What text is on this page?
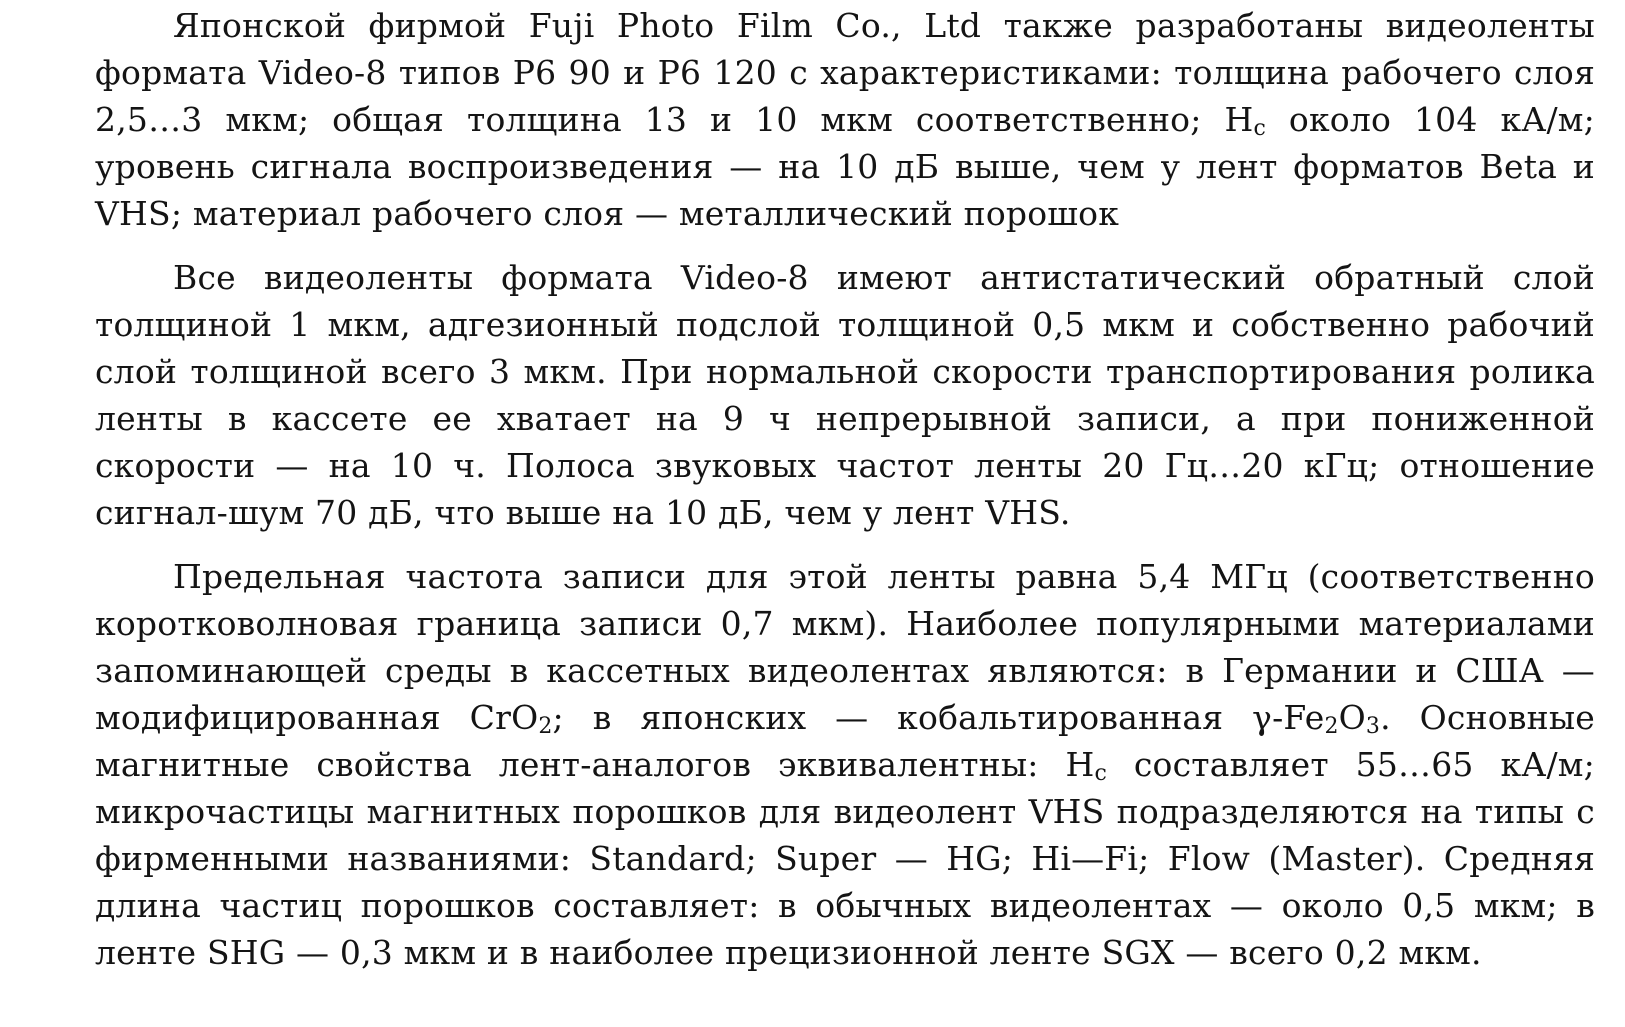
Японской фирмой Fuji Photo Film Co., Ltd также разработаны видеоленты формата Video-8 типов P6 90 и P6 120 с характеристиками: толщина рабочего слоя 2,5…3 мкм; общая толщина 13 и 10 мкм соответственно; $H_c$ около 104 кА/м; уровень сигнала воспроизведения — на 10 дБ выше, чем у лент форматов Beta и VHS; материал рабочего слоя — металлический порошок

Все видеоленты формата Video-8 имеют антистатический обратный слой толщиной 1 мкм, адгезионный подслой толщиной 0,5 мкм и собственно рабочий слой толщиной всего 3 мкм. При нормальной скорости транспортирования ролика ленты в кассете ее хватает на 9 ч непрерывной записи, а при пониженной скорости — на 10 ч. Полоса звуковых частот ленты 20 Гц…20 кГц; отношение сигнал-шум 70 дБ, что выше на 10 дБ, чем у лент VHS.

Предельная частота записи для этой ленты равна 5,4 МГц (соответственно коротковолновая граница записи 0,7 мкм). Наиболее популярными материалами запоминающей среды в кассетных видеолентах являются: в Германии и США — модифицированная CrO$_2$; в японских — кобальтированная $\gamma-Fe_2O_3$. Основные магнитные свойства лент-аналогов эквивалентны: $H_c$ составляет 55…65 кА/м; микрочастицы магнитных порошков для видеолент VHS подразделяются на типы с фирменными названиями: Standard; Super — HG; Hi—Fi; Flow (Master). Средняя длина частиц порошков составляет: в обычных видеолентах — около 0,5 мкм; в ленте SHG — 0,3 мкм и в наиболее прецизионной ленте SGX — всего 0,2 мкм.
